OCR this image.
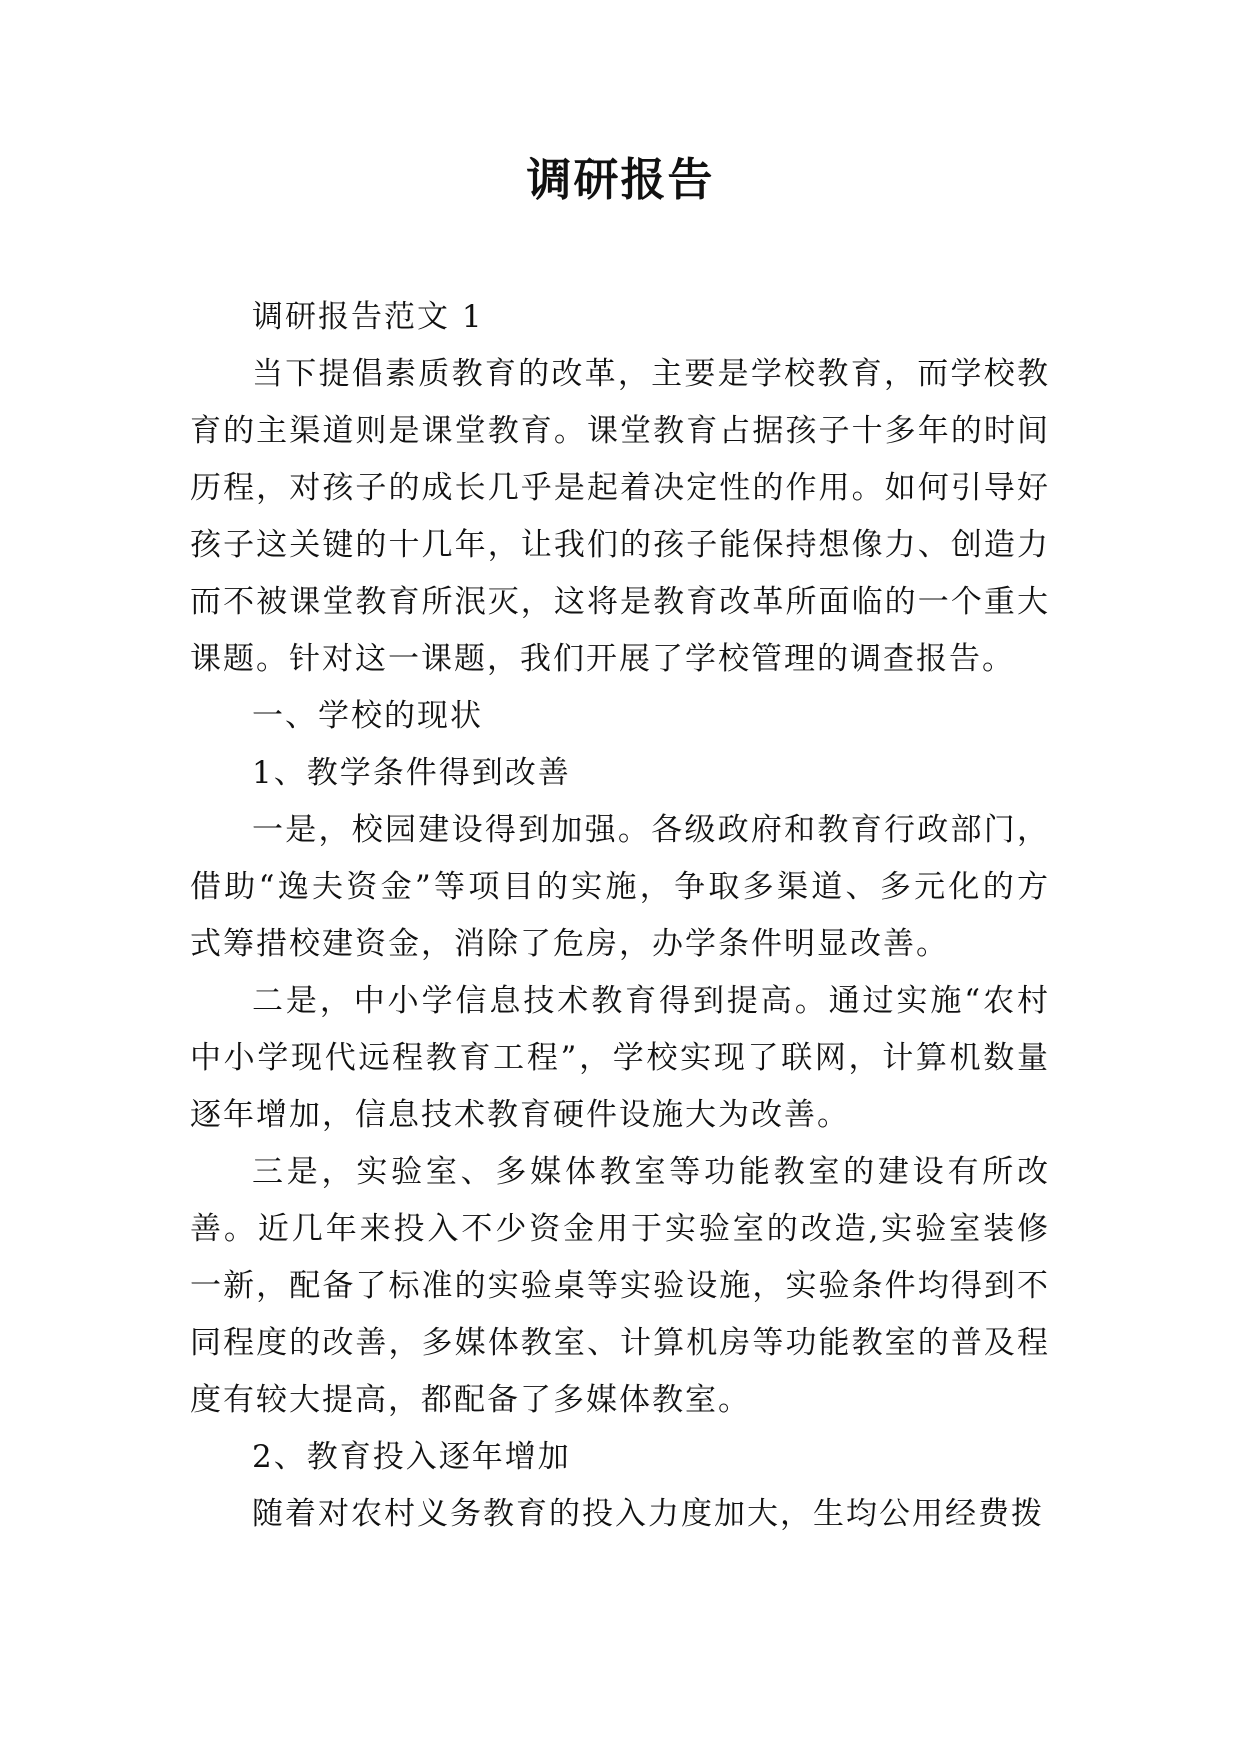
调研报告

调研报告范文 1

当下提倡素质教育的改革，主要是学校教育，而学校教育的主渠道则是课堂教育。课堂教育占据孩子十多年的时间历程，对孩子的成长几乎是起着决定性的作用。如何引导好孩子这关键的十几年，让我们的孩子能保持想像力、创造力而不被课堂教育所泯灭，这将是教育改革所面临的一个重大课题。针对这一课题，我们开展了学校管理的调查报告。

一、学校的现状

1、教学条件得到改善

一是，校园建设得到加强。各级政府和教育行政部门，借助“逸夫资金”等项目的实施，争取多渠道、多元化的方式筹措校建资金，消除了危房，办学条件明显改善。

二是，中小学信息技术教育得到提高。通过实施“农村中小学现代远程教育工程”，学校实现了联网，计算机数量逐年增加，信息技术教育硬件设施大为改善。

三是，实验室、多媒体教室等功能教室的建设有所改善。近几年来投入不少资金用于实验室的改造,实验室装修一新，配备了标准的实验桌等实验设施，实验条件均得到不同程度的改善，多媒体教室、计算机房等功能教室的普及程度有较大提高，都配备了多媒体教室。

2、教育投入逐年增加

随着对农村义务教育的投入力度加大，生均公用经费拨
